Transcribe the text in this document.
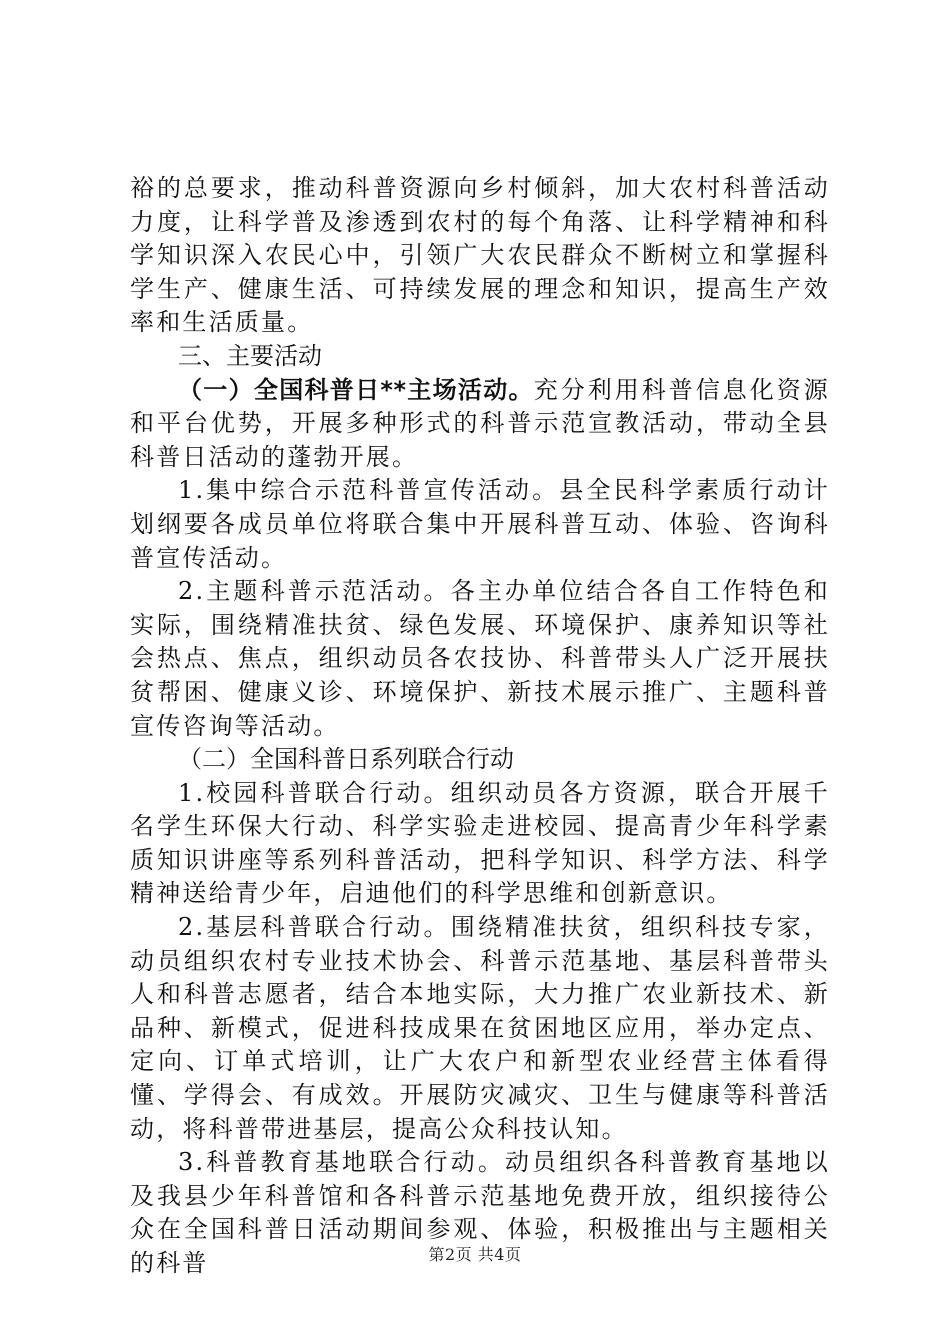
裕的总要求，推动科普资源向乡村倾斜，加大农村科普活动力度，让科学普及渗透到农村的每个角落、让科学精神和科学知识深入农民心中，引领广大农民群众不断树立和掌握科学生产、健康生活、可持续发展的理念和知识，提高生产效率和生活质量。

三、主要活动

（一）全国科普日**主场活动。充分利用科普信息化资源和平台优势，开展多种形式的科普示范宣教活动，带动全县科普日活动的蓬勃开展。

1.集中综合示范科普宣传活动。县全民科学素质行动计划纲要各成员单位将联合集中开展科普互动、体验、咨询科普宣传活动。

2.主题科普示范活动。各主办单位结合各自工作特色和实际，围绕精准扶贫、绿色发展、环境保护、康养知识等社会热点、焦点，组织动员各农技协、科普带头人广泛开展扶贫帮困、健康义诊、环境保护、新技术展示推广、主题科普宣传咨询等活动。

（二）全国科普日系列联合行动

1.校园科普联合行动。组织动员各方资源，联合开展千名学生环保大行动、科学实验走进校园、提高青少年科学素质知识讲座等系列科普活动，把科学知识、科学方法、科学精神送给青少年，启迪他们的科学思维和创新意识。

2.基层科普联合行动。围绕精准扶贫，组织科技专家，动员组织农村专业技术协会、科普示范基地、基层科普带头人和科普志愿者，结合本地实际，大力推广农业新技术、新品种、新模式，促进科技成果在贫困地区应用，举办定点、定向、订单式培训，让广大农户和新型农业经营主体看得懂、学得会、有成效。开展防灾减灾、卫生与健康等科普活动，将科普带进基层，提高公众科技认知。

3.科普教育基地联合行动。动员组织各科普教育基地以及我县少年科普馆和各科普示范基地免费开放，组织接待公众在全国科普日活动期间参观、体验，积极推出与主题相关的科普	第2页 共4页
